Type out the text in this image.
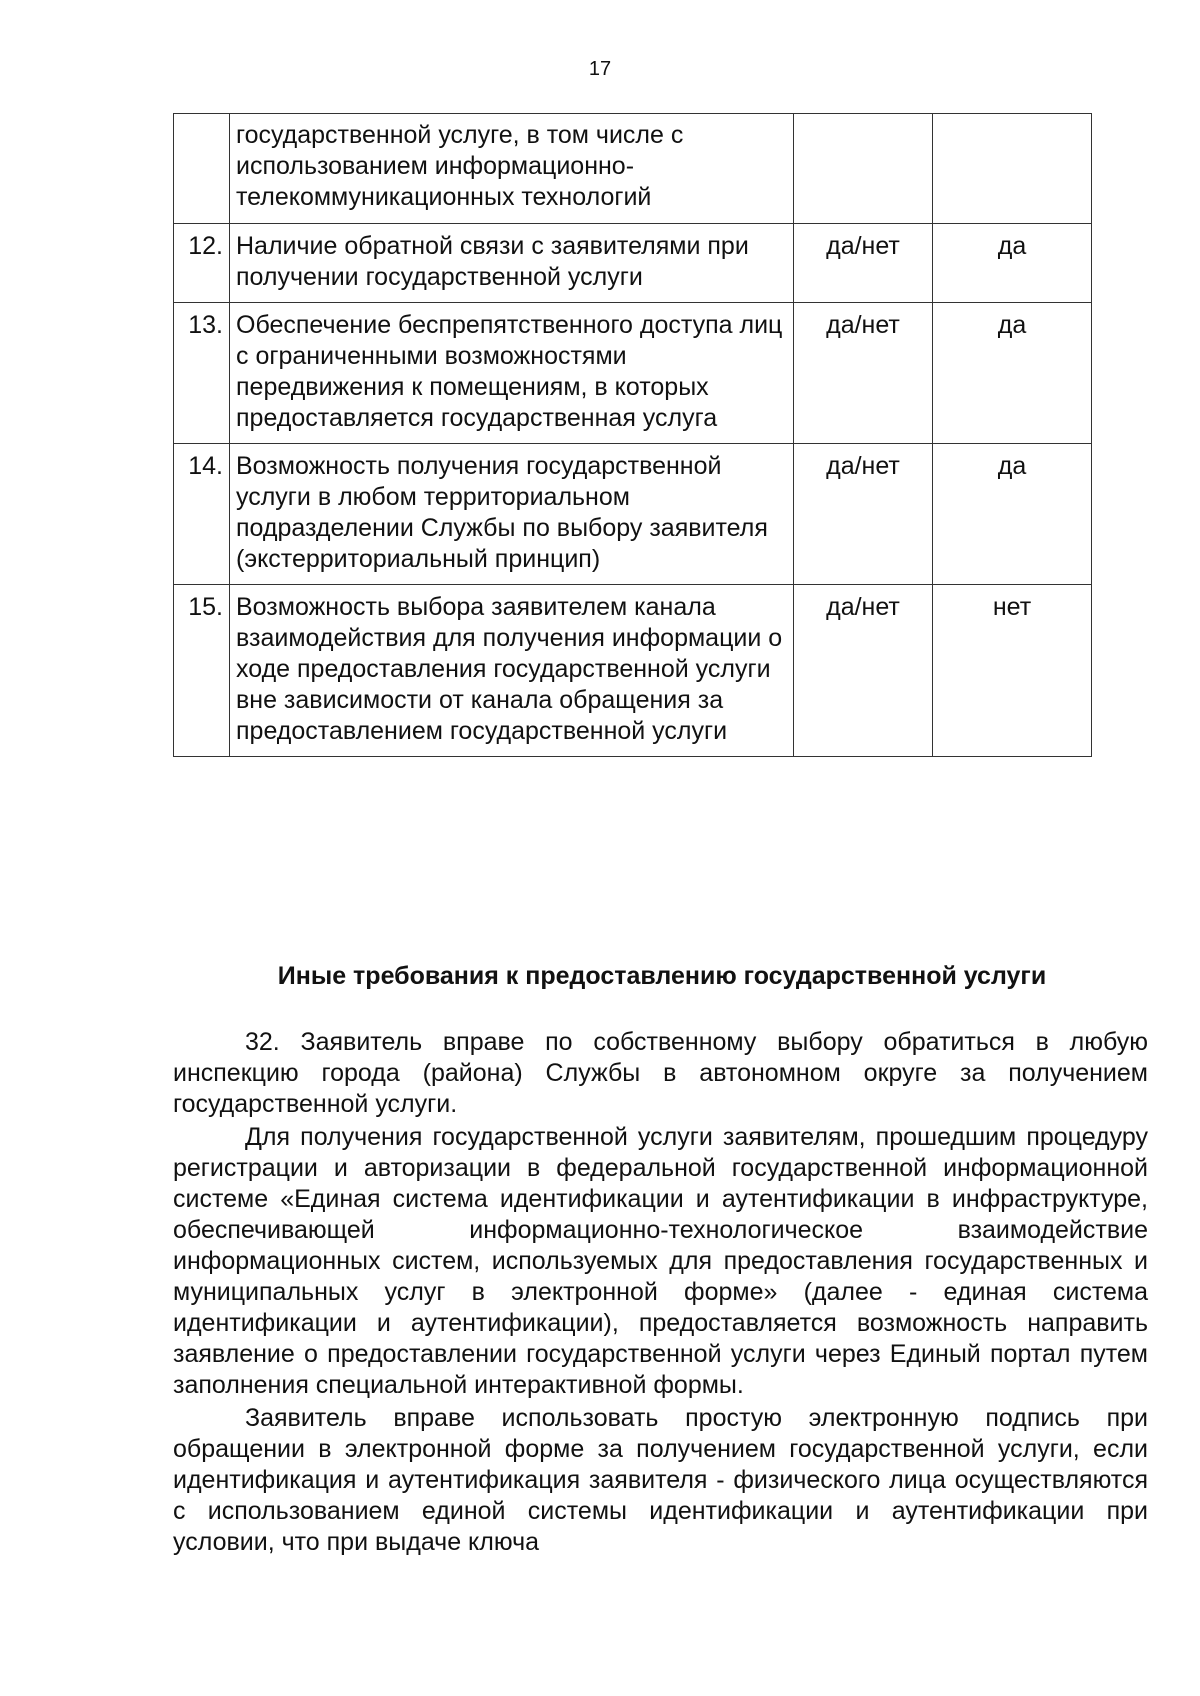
17
	государственной услуге, в том числе с использованием информационно-телекоммуникационных технологий		
12.	Наличие обратной связи с заявителями при получении государственной услуги	да/нет	да
13.	Обеспечение беспрепятственного доступа лиц с ограниченными возможностями передвижения к помещениям, в которых предоставляется государственная услуга	да/нет	да
14.	Возможность получения государственной услуги в любом территориальном подразделении Службы по выбору заявителя (экстерриториальный принцип)	да/нет	да
15.	Возможность выбора заявителем канала взаимодействия для получения информации о ходе предоставления государственной услуги вне зависимости от канала обращения за предоставлением государственной услуги	да/нет	нет
Иные требования к предоставлению государственной услуги

32. Заявитель вправе по собственному выбору обратиться в любую инспекцию города (района) Службы в автономном округе за получением государственной услуги.

Для получения государственной услуги заявителям, прошедшим процедуру регистрации и авторизации в федеральной государственной информационной системе «Единая система идентификации и аутентификации в инфраструктуре, обеспечивающей информационно-технологическое взаимодействие информационных систем, используемых для предоставления государственных и муниципальных услуг в электронной форме» (далее - единая система идентификации и аутентификации), предоставляется возможность направить заявление о предоставлении государственной услуги через Единый портал путем заполнения специальной интерактивной формы.

Заявитель вправе использовать простую электронную подпись при обращении в электронной форме за получением государственной услуги, если идентификация и аутентификация заявителя - физического лица осуществляются с использованием единой системы идентификации и аутентификации при условии, что при выдаче ключа
